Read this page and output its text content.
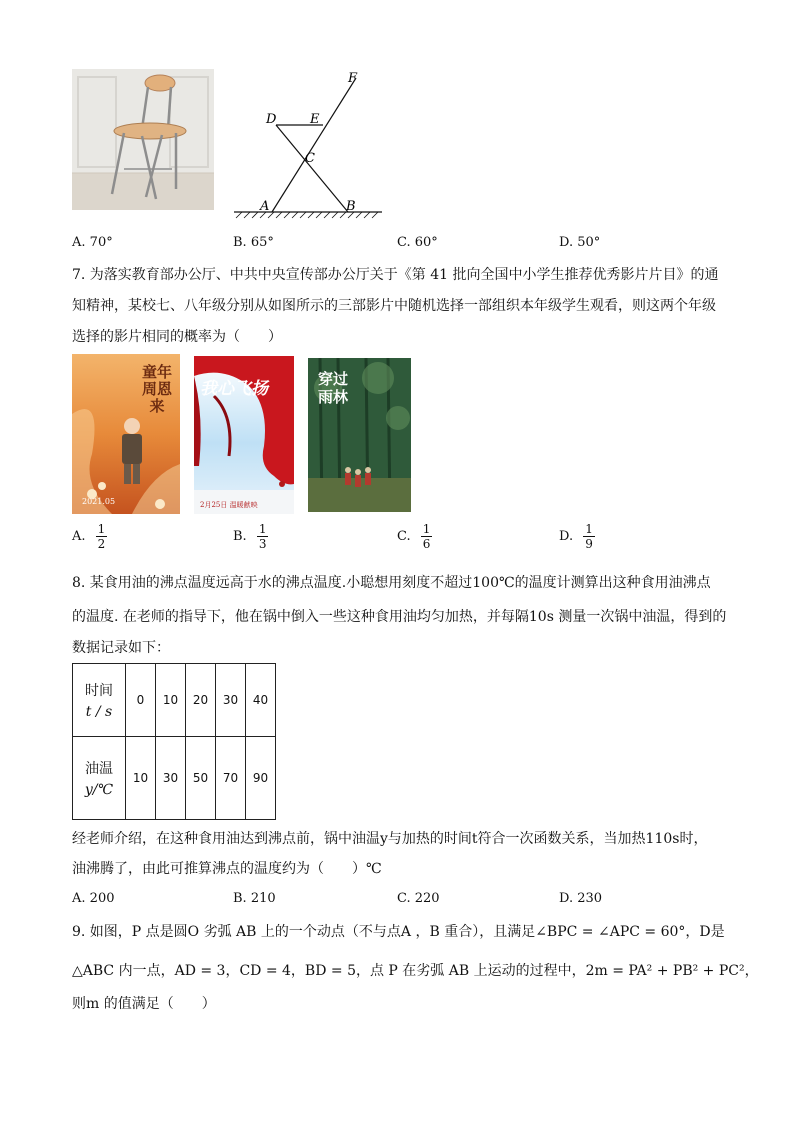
F
D	E
C
A	B
A. 70°	B. 65°	C. 60°	D. 50°
7. 为落实教育部办公厅、中共中央宣传部办公厅关于《第 41 批向全国中小学生推荐优秀影片片目》的通
知精神，某校七、八年级分别从如图所示的三部影片中随机选择一部组织本年级学生观看，则这两个年级
选择的影片相同的概率为（　　）
童年周恩来
2021.05
我心飞扬
2月25日 温暖献映
穿过雨林
A. $\frac{1}{2}$	B. $\frac{1}{3}$	C. $\frac{1}{6}$	D. $\frac{1}{9}$
8. 某食用油的沸点温度远高于水的沸点温度.小聪想用刻度不超过100℃的温度计测算出这种食用油沸点
的温度. 在老师的指导下，他在锅中倒入一些这种食用油均匀加热，并每隔10s 测量一次锅中油温，得到的
数据记录如下：
时间
t / s	0	10	20	30	40

油温
y/℃	10	30	50	70	90
经老师介绍，在这种食用油达到沸点前，锅中油温y与加热的时间t符合一次函数关系，当加热110s时，
油沸腾了，由此可推算沸点的温度约为（　　）℃
A. 200	B. 210	C. 220	D. 230
9. 如图，P 点是圆O 劣弧 AB 上的一个动点（不与点A ，B 重合），且满足∠BPC = ∠APC = 60°，D是
△ABC 内一点，AD = 3，CD = 4，BD = 5，点 P 在劣弧 AB 上运动的过程中，2m = PA² + PB² + PC²，
则m 的值满足（　　）
